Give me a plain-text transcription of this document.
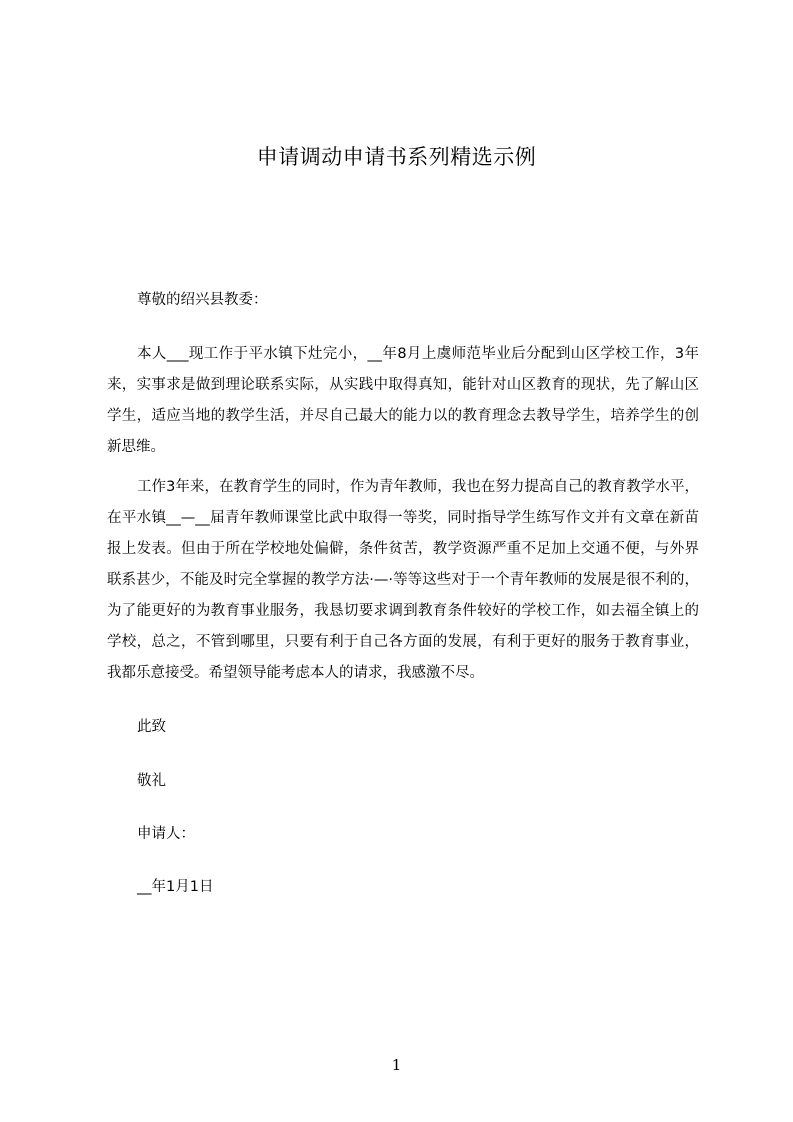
申请调动申请书系列精选示例
尊敬的绍兴县教委：
本人___现工作于平水镇下灶完小，__年8月上虞师范毕业后分配到山区学校工作，3年来，实事求是做到理论联系实际，从实践中取得真知，能针对山区教育的现状，先了解山区学生，适应当地的教学生活，并尽自己最大的能力以的教育理念去教导学生，培养学生的创新思维。
工作3年来，在教育学生的同时，作为青年教师，我也在努力提高自己的教育教学水平，在平水镇__—__届青年教师课堂比武中取得一等奖，同时指导学生练写作文并有文章在新苗报上发表。但由于所在学校地处偏僻，条件贫苦，教学资源严重不足加上交通不便，与外界联系甚少，不能及时完全掌握的教学方法·—·等等这些对于一个青年教师的发展是很不利的，为了能更好的为教育事业服务，我恳切要求调到教育条件较好的学校工作，如去福全镇上的学校，总之，不管到哪里，只要有利于自己各方面的发展，有利于更好的服务于教育事业，我都乐意接受。希望领导能考虑本人的请求，我感激不尽。
此致
敬礼
申请人：
__年1月1日
1
